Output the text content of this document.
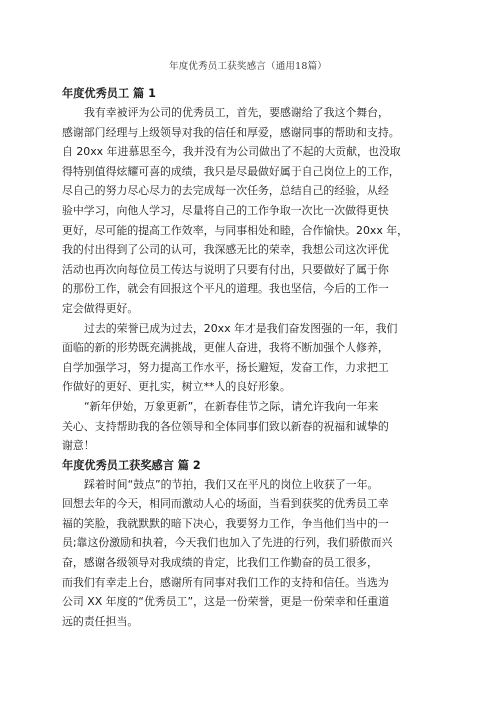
年度优秀员工获奖感言（通用18篇）
年度优秀员工 篇 1
我有幸被评为公司的优秀员工，首先，要感谢给了我这个舞台，
感谢部门经理与上级领导对我的信任和厚爱，感谢同事的帮助和支持。
自 20xx 年进慕思至今，我并没有为公司做出了不起的大贡献，也没取
得特别值得炫耀可喜的成绩，我只是尽最做好属于自己岗位上的工作，
尽自己的努力尽心尽力的去完成每一次任务，总结自己的经验，从经
验中学习，向他人学习，尽量将自己的工作争取一次比一次做得更快
更好，尽可能的提高工作效率，与同事相处和睦，合作愉快。20xx 年，
我的付出得到了公司的认可，我深感无比的荣幸，我想公司这次评优
活动也再次向每位员工传达与说明了只要有付出，只要做好了属于你
的那份工作，就会有回报这个平凡的道理。我也坚信，今后的工作一
定会做得更好。
过去的荣誉已成为过去，20xx 年才是我们奋发图强的一年，我们
面临的新的形势既充满挑战，更催人奋进，我将不断加强个人修养，
自学加强学习，努力提高工作水平，扬长避短，发奋工作，力求把工
作做好的更好、更扎实，树立**人的良好形象。
“新年伊始，万象更新”，在新春佳节之际，请允许我向一年来
关心、支持帮助我的各位领导和全体同事们致以新春的祝福和诚挚的
谢意！
年度优秀员工获奖感言 篇 2
踩着时间“鼓点”的节拍，我们又在平凡的岗位上收获了一年。
回想去年的今天，相同而激动人心的场面，当看到获奖的优秀员工幸
福的笑脸，我就默默的暗下决心，我要努力工作，争当他们当中的一
员;靠这份激励和执着，今天我们也加入了先进的行列，我们骄傲而兴
奋，感谢各级领导对我成绩的肯定，比我们工作勤奋的员工很多，
而我们有幸走上台，感谢所有同事对我们工作的支持和信任。当选为
公司 XX 年度的“优秀员工”，这是一份荣誉，更是一份荣幸和任重道
远的责任担当。
